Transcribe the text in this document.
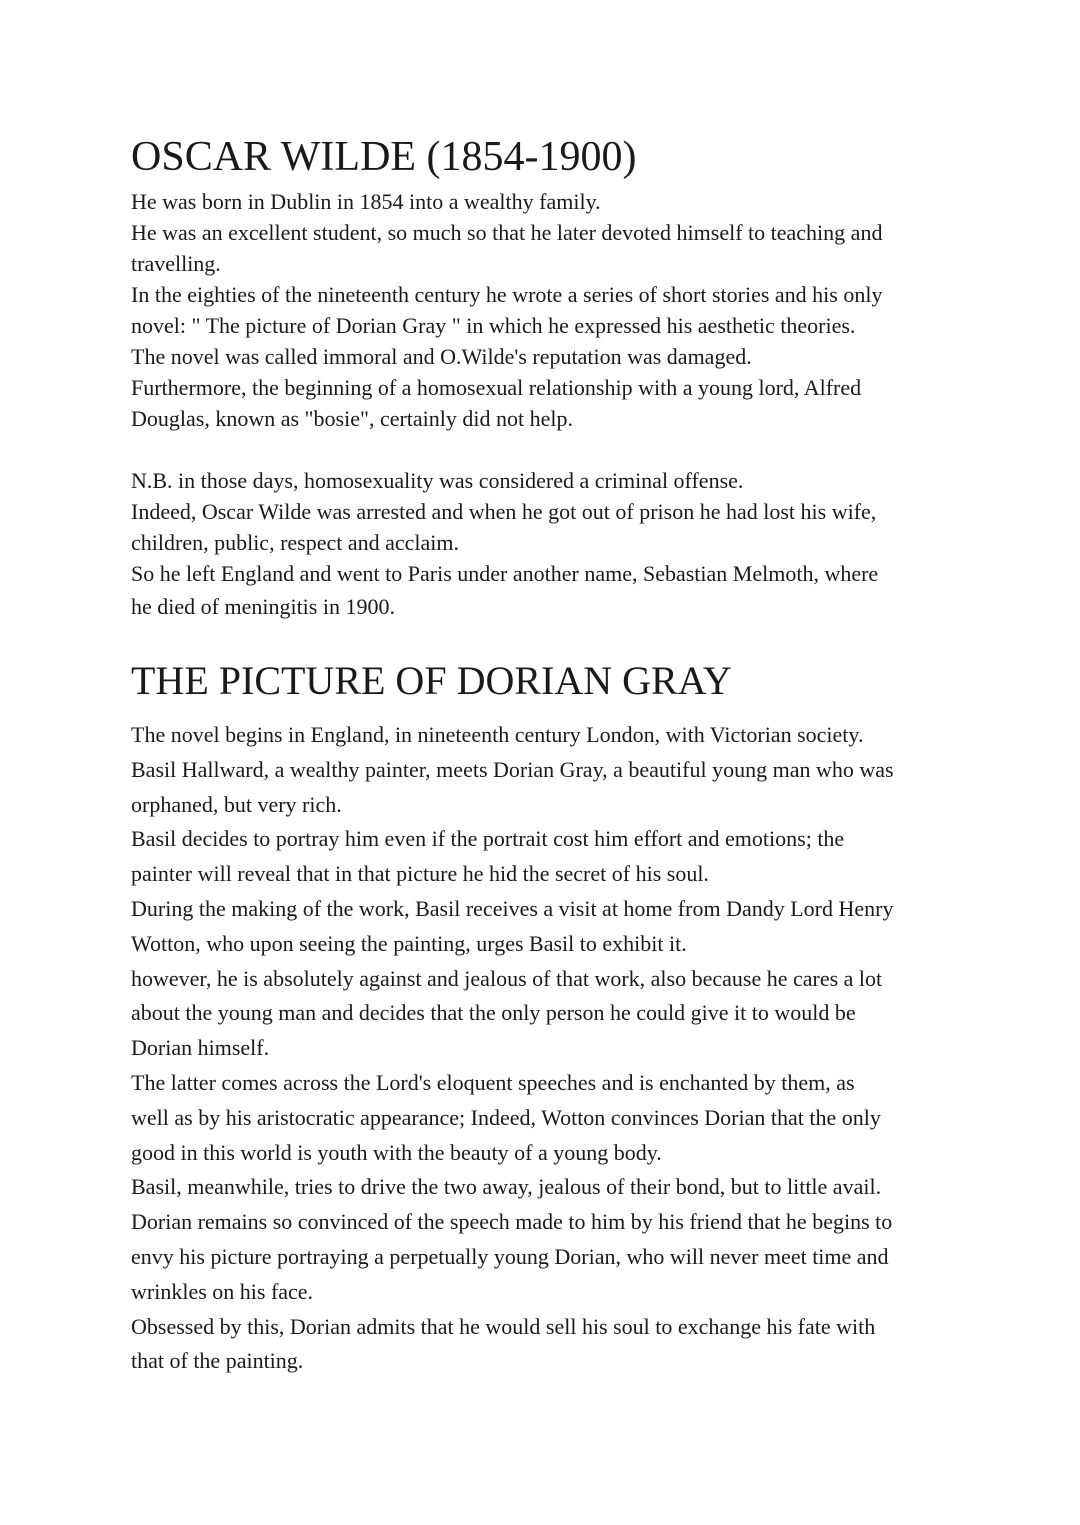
OSCAR WILDE (1854-1900)

He was born in Dublin in 1854 into a wealthy family.

He was an excellent student, so much so that he later devoted himself to teaching and

travelling.

In the eighties of the nineteenth century he wrote a series of short stories and his only

novel: " The picture of Dorian Gray " in which he expressed his aesthetic theories.

The novel was called immoral and O.Wilde's reputation was damaged.

Furthermore, the beginning of a homosexual relationship with a young lord, Alfred

Douglas, known as "bosie", certainly did not help.

N.B. in those days, homosexuality was considered a criminal offense.

Indeed, Oscar Wilde was arrested and when he got out of prison he had lost his wife,

children, public, respect and acclaim.

So he left England and went to Paris under another name, Sebastian Melmoth, where

he died of meningitis in 1900.

THE PICTURE OF DORIAN GRAY

The novel begins in England, in nineteenth century London, with Victorian society.

Basil Hallward, a wealthy painter, meets Dorian Gray, a beautiful young man who was

orphaned, but very rich.

Basil decides to portray him even if the portrait cost him effort and emotions; the

painter will reveal that in that picture he hid the secret of his soul.

During the making of the work, Basil receives a visit at home from Dandy Lord Henry

Wotton, who upon seeing the painting, urges Basil to exhibit it.

however, he is absolutely against and jealous of that work, also because he cares a lot

about the young man and decides that the only person he could give it to would be

Dorian himself.

The latter comes across the Lord's eloquent speeches and is enchanted by them, as

well as by his aristocratic appearance; Indeed, Wotton convinces Dorian that the only

good in this world is youth with the beauty of a young body.

Basil, meanwhile, tries to drive the two away, jealous of their bond, but to little avail.

Dorian remains so convinced of the speech made to him by his friend that he begins to

envy his picture portraying a perpetually young Dorian, who will never meet time and

wrinkles on his face.

Obsessed by this, Dorian admits that he would sell his soul to exchange his fate with

that of the painting.
